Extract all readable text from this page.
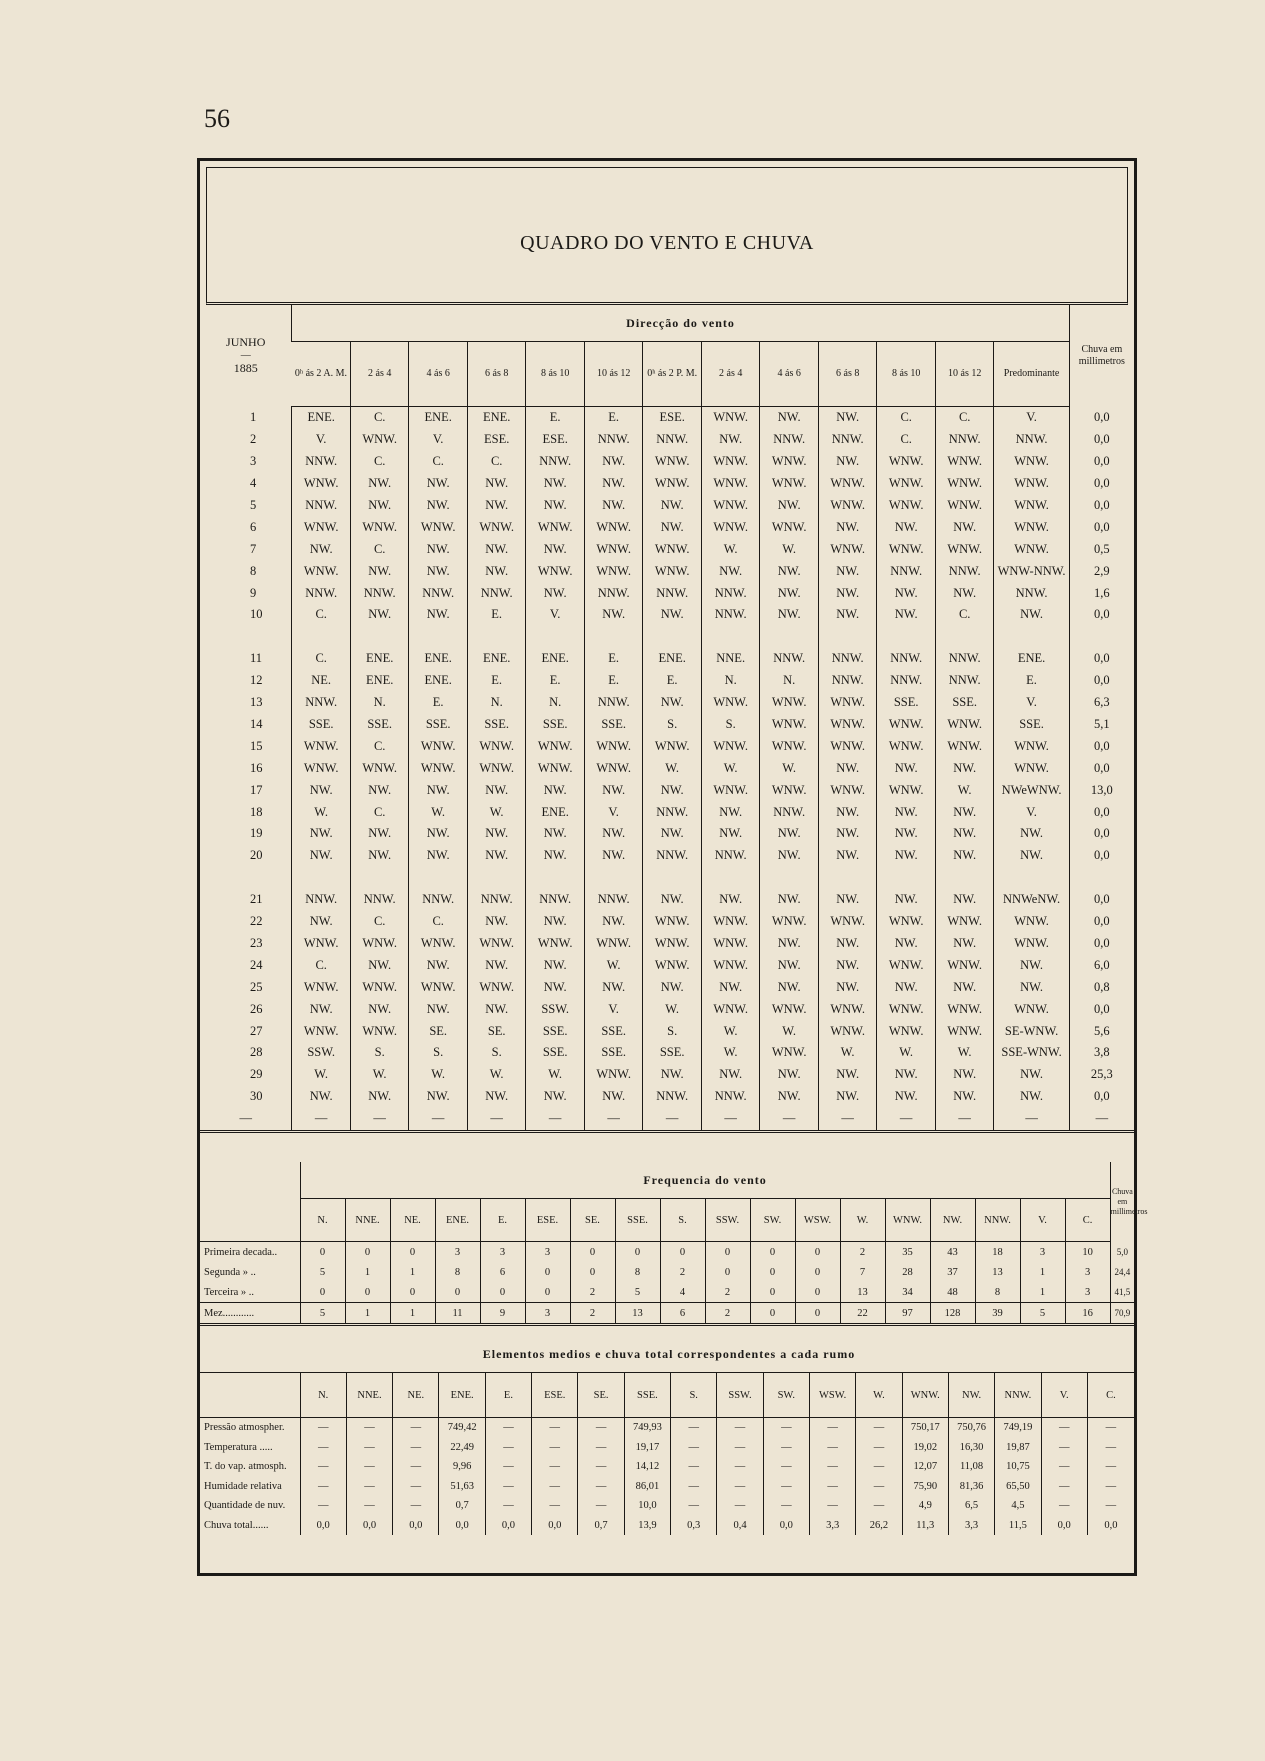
56
QUADRO DO VENTO E CHUVA
JUNHO
—
1885	Direcção do vento													Chuva em millimetros
	0ʰ ás 2 A. M.	2 ás 4	4 ás 6	6 ás 8	8 ás 10	10 ás 12	0ʰ ás 2 P. M.	2 ás 4	4 ás 6	6 ás 8	8 ás 10	10 ás 12	Predominante	
1	ENE.	C.	ENE.	ENE.	E.	E.	ESE.	WNW.	NW.	NW.	C.	C.	V.	0,0
2	V.	WNW.	V.	ESE.	ESE.	NNW.	NNW.	NW.	NNW.	NNW.	C.	NNW.	NNW.	0,0
3	NNW.	C.	C.	C.	NNW.	NW.	WNW.	WNW.	WNW.	NW.	WNW.	WNW.	WNW.	0,0
4	WNW.	NW.	NW.	NW.	NW.	NW.	WNW.	WNW.	WNW.	WNW.	WNW.	WNW.	WNW.	0,0
5	NNW.	NW.	NW.	NW.	NW.	NW.	NW.	WNW.	NW.	WNW.	WNW.	WNW.	WNW.	0,0
6	WNW.	WNW.	WNW.	WNW.	WNW.	WNW.	NW.	WNW.	WNW.	NW.	NW.	NW.	WNW.	0,0
7	NW.	C.	NW.	NW.	NW.	WNW.	WNW.	W.	W.	WNW.	WNW.	WNW.	WNW.	0,5
8	WNW.	NW.	NW.	NW.	WNW.	WNW.	WNW.	NW.	NW.	NW.	NNW.	NNW.	WNW-NNW.	2,9
9	NNW.	NNW.	NNW.	NNW.	NW.	NNW.	NNW.	NNW.	NW.	NW.	NW.	NW.	NNW.	1,6
10	C.	NW.	NW.	E.	V.	NW.	NW.	NNW.	NW.	NW.	NW.	C.	NW.	0,0

11	C.	ENE.	ENE.	ENE.	ENE.	E.	ENE.	NNE.	NNW.	NNW.	NNW.	NNW.	ENE.	0,0
12	NE.	ENE.	ENE.	E.	E.	E.	E.	N.	N.	NNW.	NNW.	NNW.	E.	0,0
13	NNW.	N.	E.	N.	N.	NNW.	NW.	WNW.	WNW.	WNW.	SSE.	SSE.	V.	6,3
14	SSE.	SSE.	SSE.	SSE.	SSE.	SSE.	S.	S.	WNW.	WNW.	WNW.	WNW.	SSE.	5,1
15	WNW.	C.	WNW.	WNW.	WNW.	WNW.	WNW.	WNW.	WNW.	WNW.	WNW.	WNW.	WNW.	0,0
16	WNW.	WNW.	WNW.	WNW.	WNW.	WNW.	W.	W.	W.	NW.	NW.	NW.	WNW.	0,0
17	NW.	NW.	NW.	NW.	NW.	NW.	NW.	WNW.	WNW.	WNW.	WNW.	W.	NWeWNW.	13,0
18	W.	C.	W.	W.	ENE.	V.	NNW.	NW.	NNW.	NW.	NW.	NW.	V.	0,0
19	NW.	NW.	NW.	NW.	NW.	NW.	NW.	NW.	NW.	NW.	NW.	NW.	NW.	0,0
20	NW.	NW.	NW.	NW.	NW.	NW.	NNW.	NNW.	NW.	NW.	NW.	NW.	NW.	0,0

21	NNW.	NNW.	NNW.	NNW.	NNW.	NNW.	NW.	NW.	NW.	NW.	NW.	NW.	NNWeNW.	0,0
22	NW.	C.	C.	NW.	NW.	NW.	WNW.	WNW.	WNW.	WNW.	WNW.	WNW.	WNW.	0,0
23	WNW.	WNW.	WNW.	WNW.	WNW.	WNW.	WNW.	WNW.	NW.	NW.	NW.	NW.	WNW.	0,0
24	C.	NW.	NW.	NW.	NW.	W.	WNW.	WNW.	NW.	NW.	WNW.	WNW.	NW.	6,0
25	WNW.	WNW.	WNW.	WNW.	NW.	NW.	NW.	NW.	NW.	NW.	NW.	NW.	NW.	0,8
26	NW.	NW.	NW.	NW.	SSW.	V.	W.	WNW.	WNW.	WNW.	WNW.	WNW.	WNW.	0,0
27	WNW.	WNW.	SE.	SE.	SSE.	SSE.	S.	W.	W.	WNW.	WNW.	WNW.	SE-WNW.	5,6
28	SSW.	S.	S.	S.	SSE.	SSE.	SSE.	W.	WNW.	W.	W.	W.	SSE-WNW.	3,8
29	W.	W.	W.	W.	W.	WNW.	NW.	NW.	NW.	NW.	NW.	NW.	NW.	25,3
30	NW.	NW.	NW.	NW.	NW.	NW.	NNW.	NNW.	NW.	NW.	NW.	NW.	NW.	0,0
—	—	—	—	—	—	—	—	—	—	—	—	—	—	—
	Frequencia do vento																		Chuva em millimetros
	N.	NNE.	NE.	ENE.	E.	ESE.	SE.	SSE.	S.	SSW.	SW.	WSW.	W.	WNW.	NW.	NNW.	V.	C.	
Primeira decada..	0	0	0	3	3	3	0	0	0	0	0	0	2	35	43	18	3	10	5,0
Segunda » ..	5	1	1	8	6	0	0	8	2	0	0	0	7	28	37	13	1	3	24,4
Terceira » ..	0	0	0	0	0	0	2	5	4	2	0	0	13	34	48	8	1	3	41,5
Mez............	5	1	1	11	9	3	2	13	6	2	0	0	22	97	128	39	5	16	70,9
Elementos medios e chuva total correspondentes a cada rumo																		
	N.	NNE.	NE.	ENE.	E.	ESE.	SE.	SSE.	S.	SSW.	SW.	WSW.	W.	WNW.	NW.	NNW.	V.	C.
Pressão atmospher.	—	—	—	749,42	—	—	—	749,93	—	—	—	—	—	750,17	750,76	749,19	—	—
Temperatura .....	—	—	—	22,49	—	—	—	19,17	—	—	—	—	—	19,02	16,30	19,87	—	—
T. do vap. atmosph.	—	—	—	9,96	—	—	—	14,12	—	—	—	—	—	12,07	11,08	10,75	—	—
Humidade relativa	—	—	—	51,63	—	—	—	86,01	—	—	—	—	—	75,90	81,36	65,50	—	—
Quantidade de nuv.	—	—	—	0,7	—	—	—	10,0	—	—	—	—	—	4,9	6,5	4,5	—	—
Chuva total......	0,0	0,0	0,0	0,0	0,0	0,0	0,7	13,9	0,3	0,4	0,0	3,3	26,2	11,3	3,3	11,5	0,0	0,0
